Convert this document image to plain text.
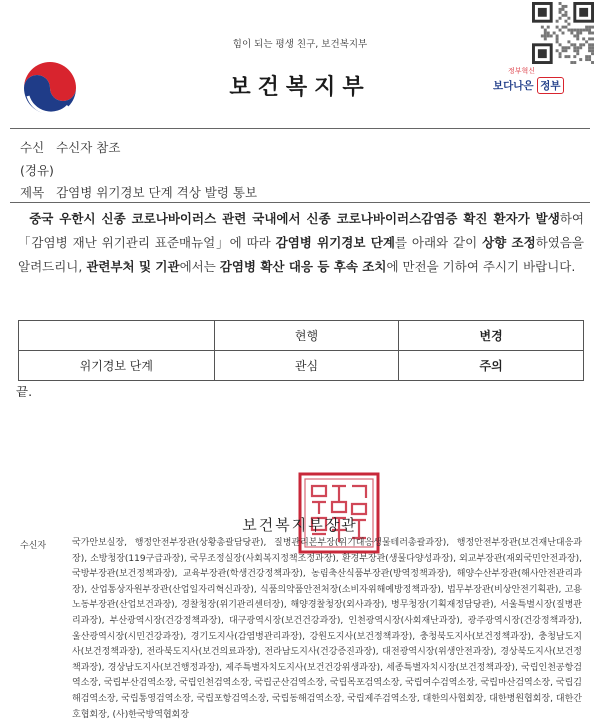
힘이 되는 평생 친구, 보건복지부
보건복지부
정부혁신
보다나은 정부
수신 수신자 참조
(경유)
제목 감염병 위기경보 단계 격상 발령 통보
중국 우한시 신종 코로나바이러스 관련 국내에서 신종 코로나바이러스감염증 확진 환자가 발생하여 「감염병 재난 위기관리 표준매뉴얼」에 따라 감염병 위기경보 단계를 아래와 같이 상향 조정하였음을 알려드리니, 관련부처 및 기관에서는 감염병 확산 대응 등 후속 조치에 만전을 기하여 주시기 바랍니다.
	현행	변경
위기경보 단계	관심	주의
끝.
보건복지부장관
수신자	국가안보실장, 행정안전부장관(상황총괄담당관), 질병관리본부장(위기대응생물테러총괄과장), 행정안전부장관(보건재난대응과장), 소방청장(119구급과장), 국무조정실장(사회복지정책조정과장), 환경부장관(생물다양성과장), 외교부장관(재외국민안전과장), 국방부장관(보건정책과장), 교육부장관(학생건강정책과장), 농림축산식품부장관(방역정책과장), 해양수산부장관(해사안전관리과장), 산업통상자원부장관(산업일자리혁신과장), 식품의약품안전처장(소비자위해예방정책과장), 법무부장관(비상안전기획관), 고용노동부장관(산업보건과장), 경찰청장(위기관리센터장), 해양경찰청장(외사과장), 병무청장(기획재정담당관), 서울특별시장(질병관리과장), 부산광역시장(건강정책과장), 대구광역시장(보건건강과장), 인천광역시장(사회재난과장), 광주광역시장(건강정책과장), 울산광역시장(시민건강과장), 경기도지사(감염병관리과장), 강원도지사(보건정책과장), 충청북도지사(보건정책과장), 충청남도지사(보건정책과장), 전라북도지사(보건의료과장), 전라남도지사(건강증진과장), 대전광역시장(위생안전과장), 경상북도지사(보건정책과장), 경상남도지사(보건행정과장), 제주특별자치도지사(보건건강위생과장), 세종특별자치시장(보건정책과장), 국립인천공항검역소장, 국립부산검역소장, 국립인천검역소장, 국립군산검역소장, 국립목포검역소장, 국립여수검역소장, 국립마산검역소장, 국립김해검역소장, 국립통영검역소장, 국립포항검역소장, 국립동해검역소장, 국립제주검역소장, 대한의사협회장, 대한병원협회장, 대한간호협회장, (사)한국방역협회장
